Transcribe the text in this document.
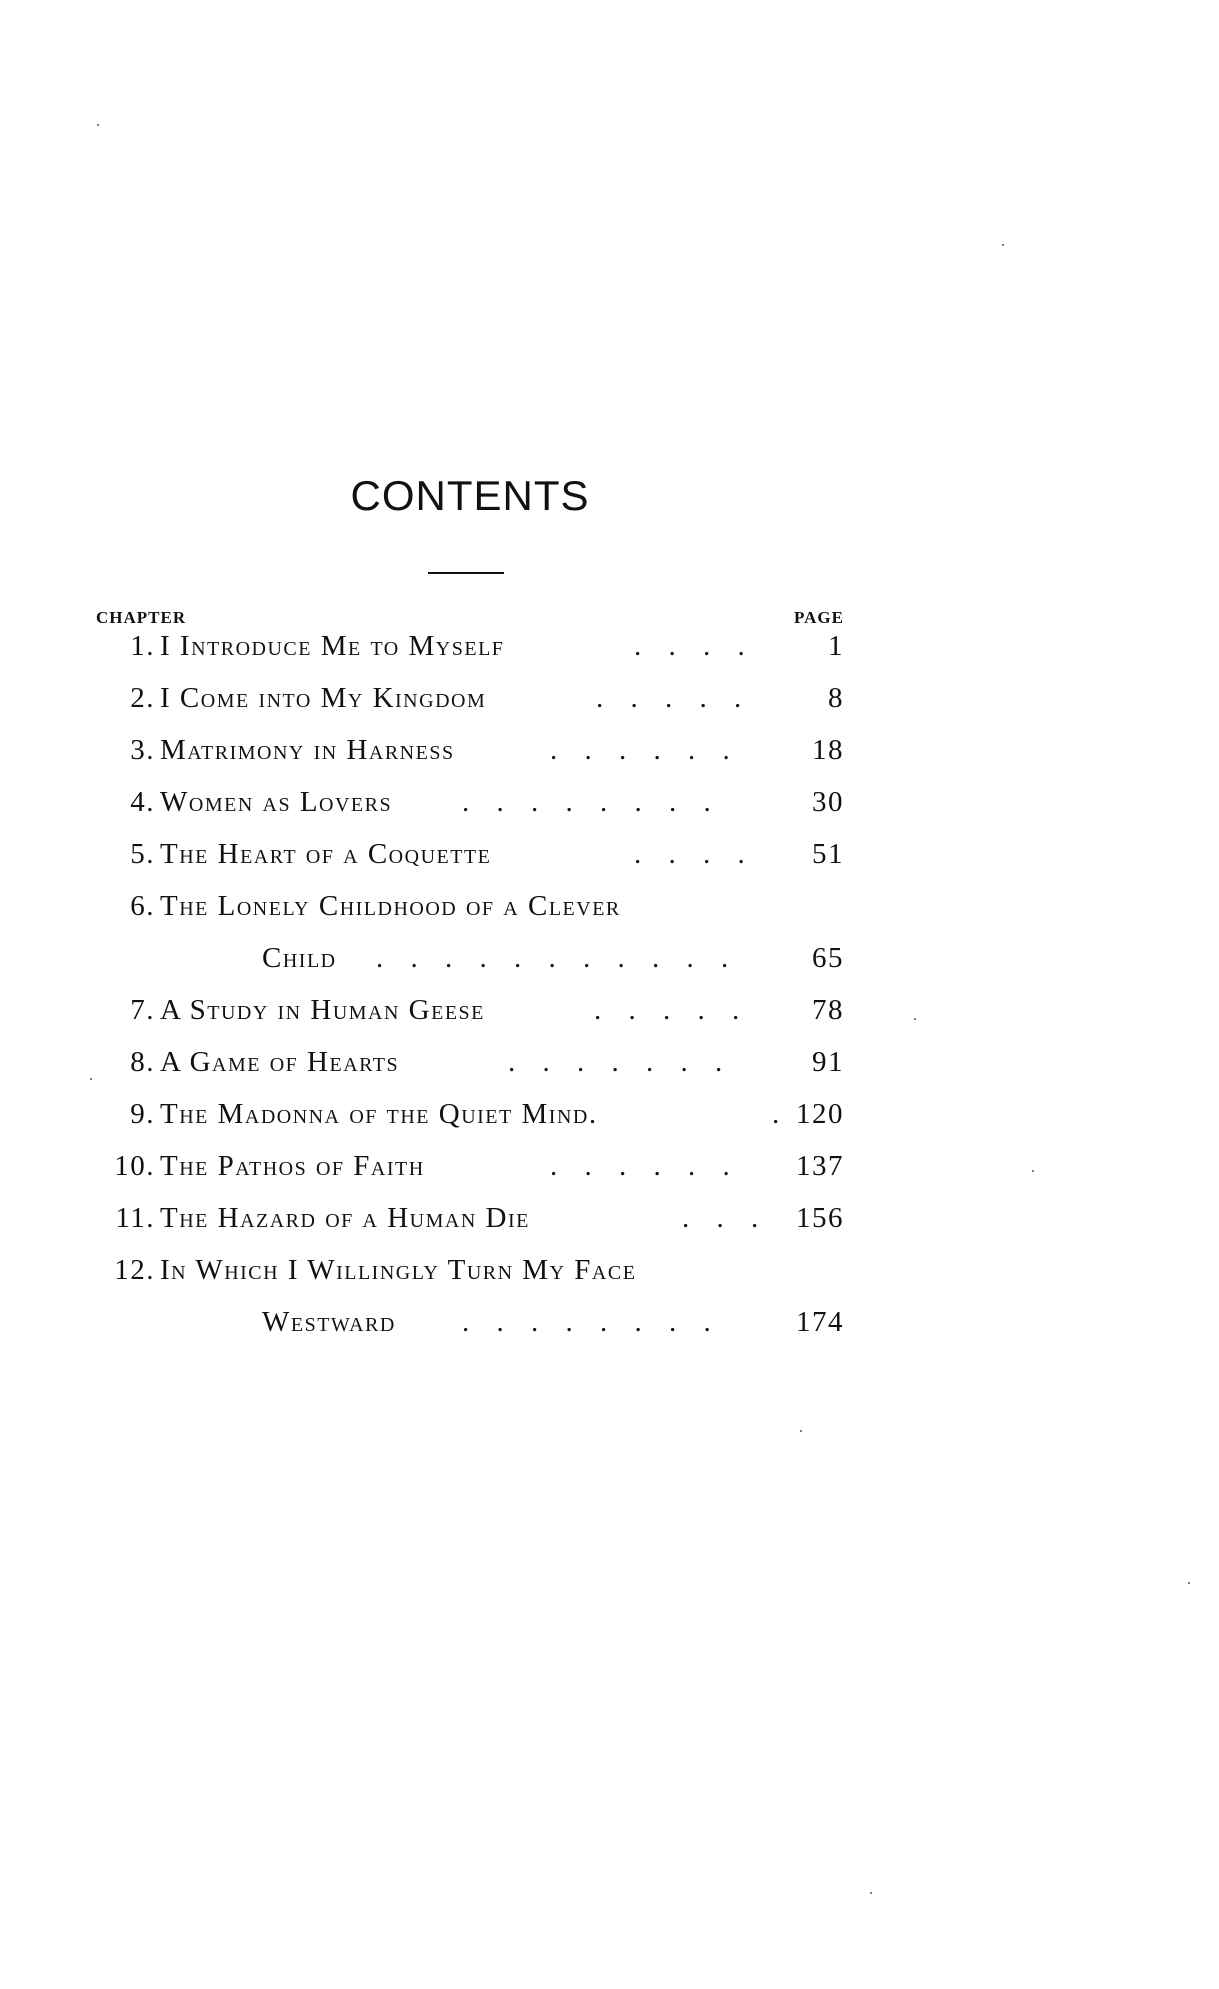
CONTENTS
CHAPTER	PAGE
1. I Introduce Me to Myself	. . . .	1
2. I Come into My Kingdom	. . . . .	8
3. Matrimony in Harness	. . . . . . 18
4. Women as Lovers . . . . . . . .	30
5. The Heart of a Coquette	. . . . 51
6. The Lonely Childhood of a Clever
Child . . . . . . . . . . .	65
7. A Study in Human Geese	. . . . . 78
8. A Game of Hearts	. . . . . . .	91
9. The Madonna of the Quiet Mind.	. 120
10. The Pathos of Faith	. . . . . . 137
11. The Hazard of a Human Die	. . . 156
12. In Which I Willingly Turn My Face
Westward . . . . . . . .	174
